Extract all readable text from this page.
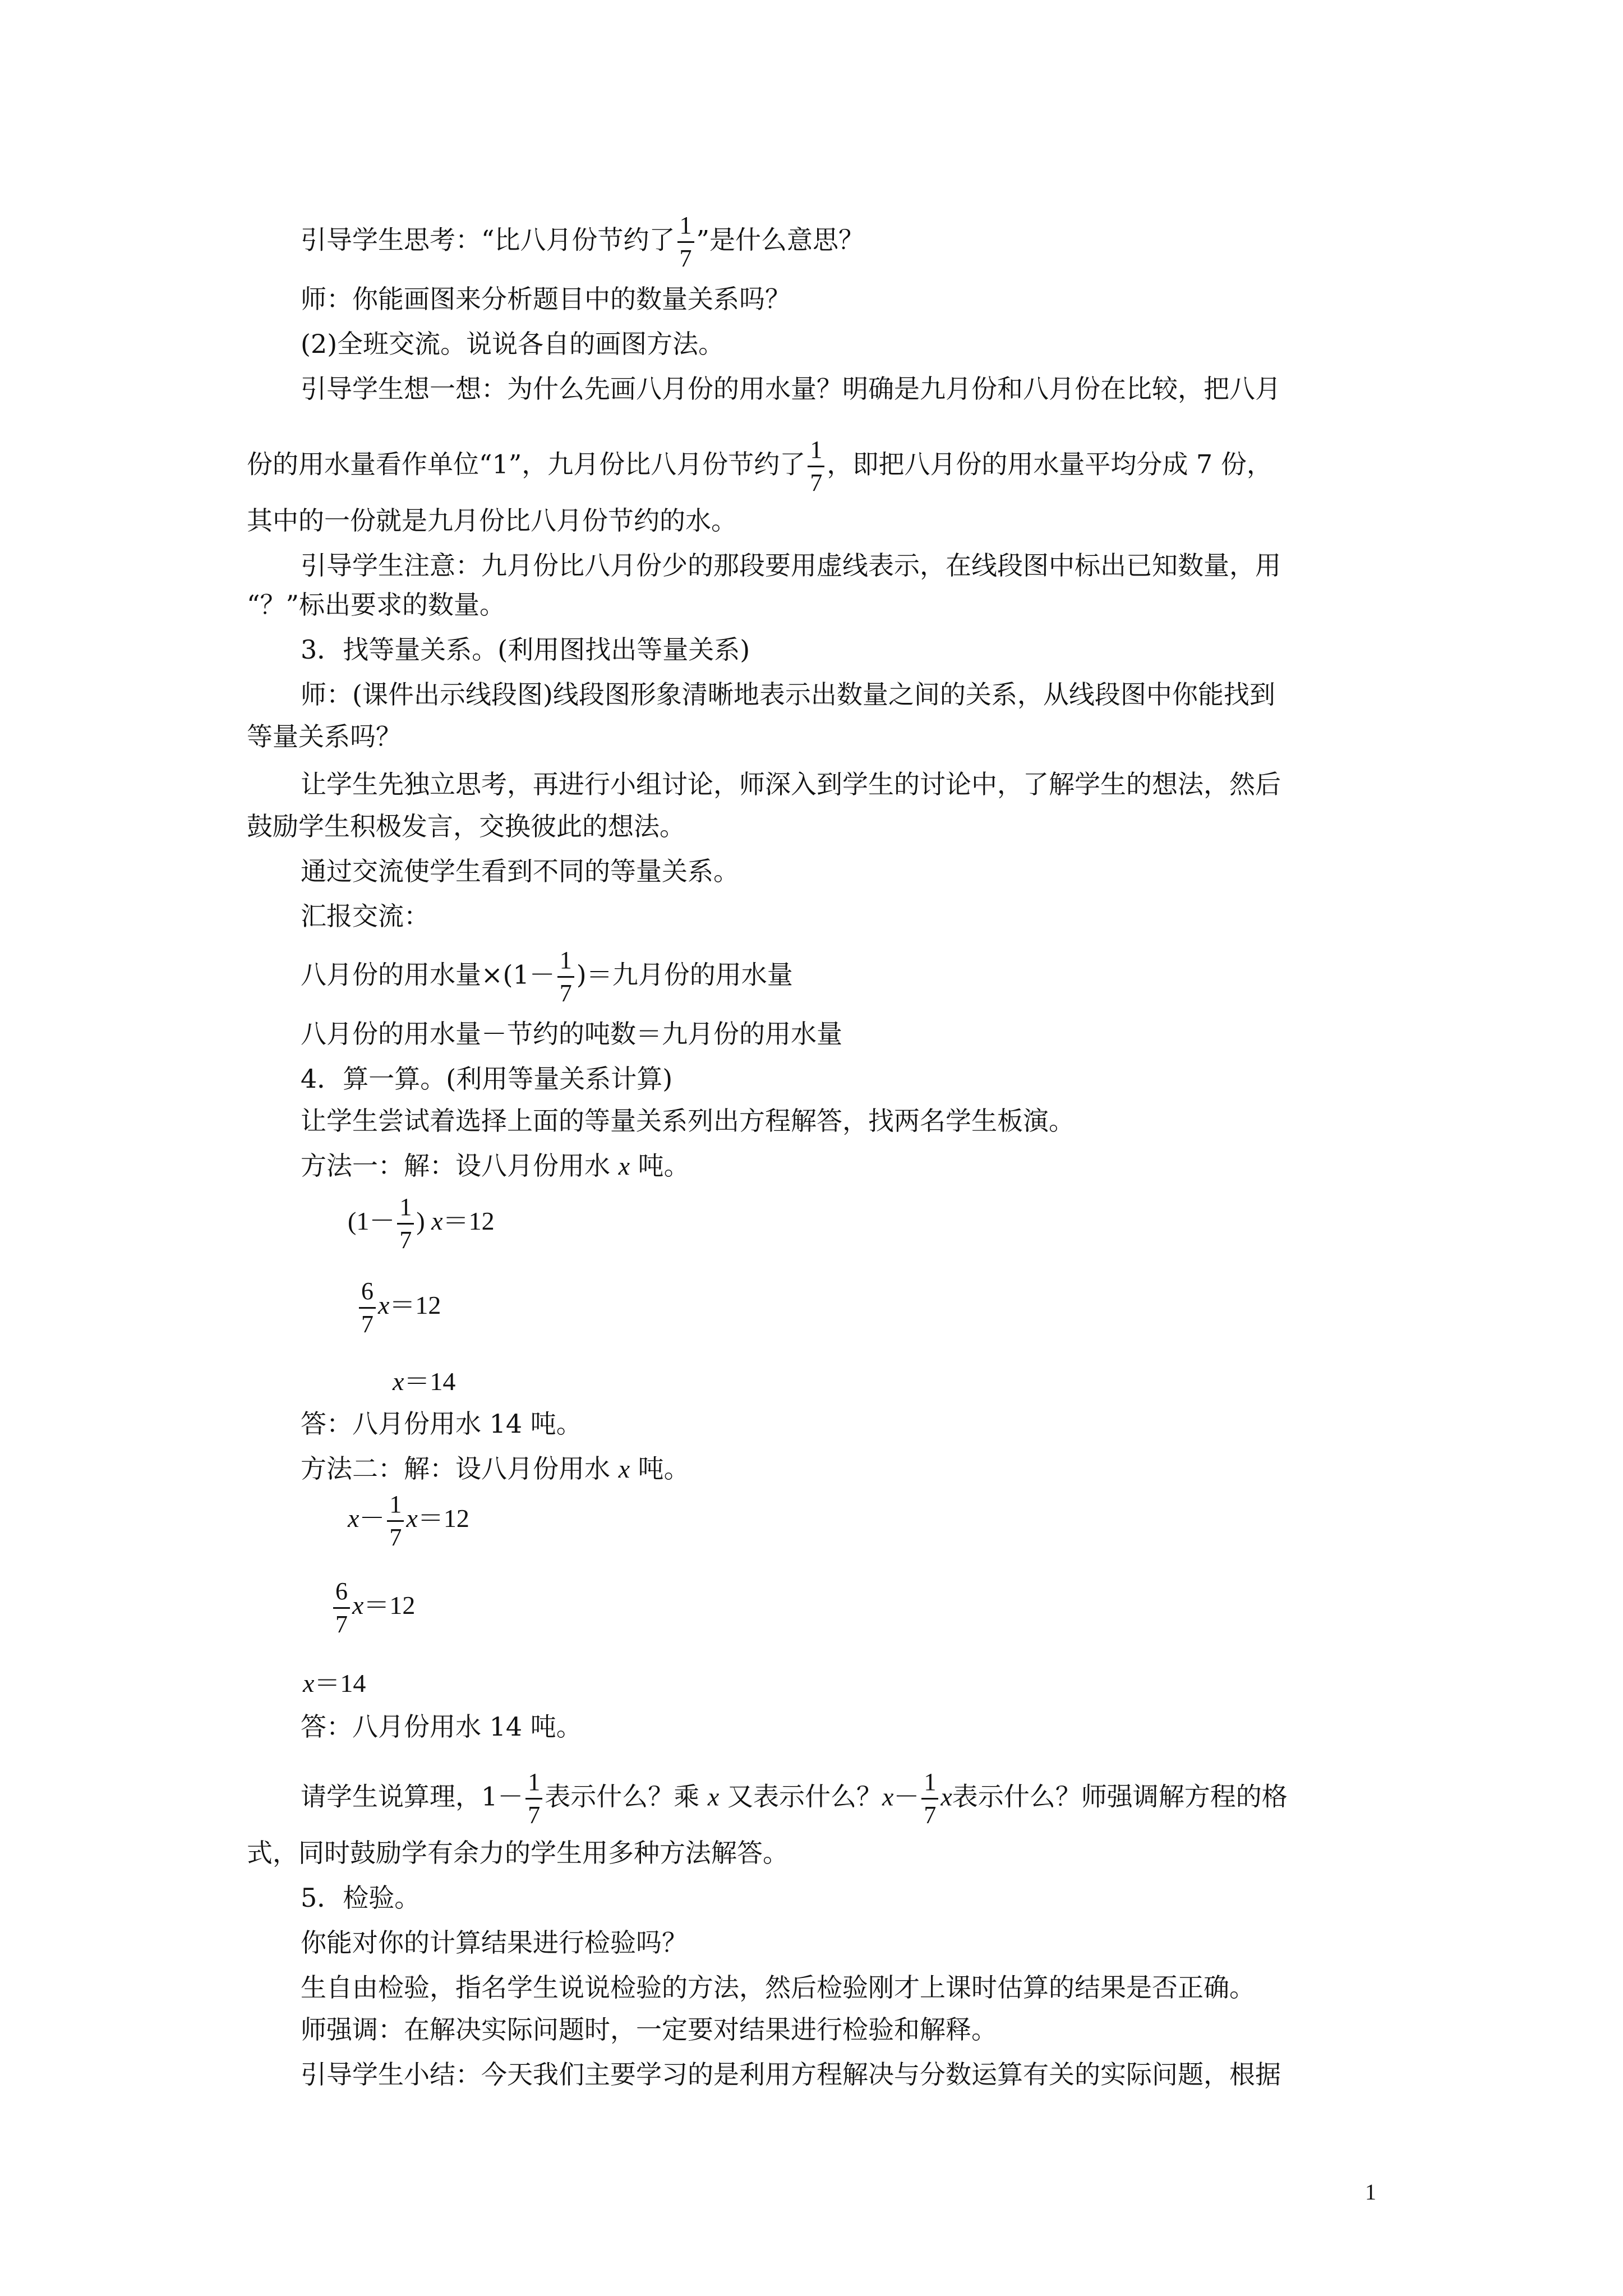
引导学生思考：“比八月份节约了 $\frac{1}{7}$ ”是什么意思？
师：你能画图来分析题目中的数量关系吗？
(2)全班交流。说说各自的画图方法。
引导学生想一想：为什么先画八月份的用水量？明确是九月份和八月份在比较，把八月
份的用水量看作单位“1”，九月份比八月份节约了 $\frac{1}{7}$ ，即把八月份的用水量平均分成 7 份，
其中的一份就是九月份比八月份节约的水。
引导学生注意：九月份比八月份少的那段要用虚线表示，在线段图中标出已知数量，用
“？”标出要求的数量。
3．找等量关系。(利用图找出等量关系)
师：(课件出示线段图)线段图形象清晰地表示出数量之间的关系，从线段图中你能找到
等量关系吗？
让学生先独立思考，再进行小组讨论，师深入到学生的讨论中，了解学生的想法，然后
鼓励学生积极发言，交换彼此的想法。
通过交流使学生看到不同的等量关系。
汇报交流：
八月份的用水量$\times(1- \frac{1}{7}$ )＝九月份的用水量
八月份的用水量－节约的吨数＝九月份的用水量
4．算一算。(利用等量关系计算)
让学生尝试着选择上面的等量关系列出方程解答，找两名学生板演。
方法一：解：设八月份用水 x 吨。
($1- \frac{1}{7}$ ) x＝12
$\frac{6}{7} x=12$
x＝14
答：八月份用水 14 吨。
方法二：解：设八月份用水 x 吨。
$x- \frac{1}{7} x=12$
$\frac{6}{7} x=12$
x＝14
答：八月份用水 14 吨。
请学生说算理，$1- \frac{1}{7}$ 表示什么？乘 x 又表示什么？$x- \frac{1}{7}$ x表示什么？师强调解方程的格
式，同时鼓励学有余力的学生用多种方法解答。
5．检验。
你能对你的计算结果进行检验吗？
生自由检验，指名学生说说检验的方法，然后检验刚才上课时估算的结果是否正确。
师强调：在解决实际问题时，一定要对结果进行检验和解释。
引导学生小结：今天我们主要学习的是利用方程解决与分数运算有关的实际问题，根据
1
